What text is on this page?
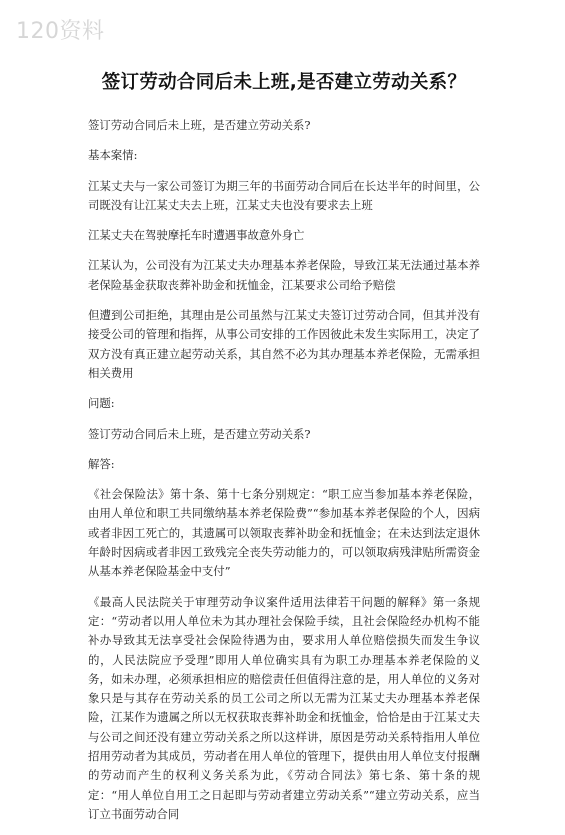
120资料
签订劳动合同后未上班,是否建立劳动关系？

签订劳动合同后未上班，是否建立劳动关系?

基本案情:

江某丈夫与一家公司签订为期三年的书面劳动合同后在长达半年的时间里，公司既没有让江某丈夫去上班，江某丈夫也没有要求去上班

江某丈夫在驾驶摩托车时遭遇事故意外身亡

江某认为，公司没有为江某丈夫办理基本养老保险，导致江某无法通过基本养老保险基金获取丧葬补助金和抚恤金，江某要求公司给予赔偿

但遭到公司拒绝，其理由是公司虽然与江某丈夫签订过劳动合同，但其并没有接受公司的管理和指挥，从事公司安排的工作因彼此未发生实际用工，决定了双方没有真正建立起劳动关系，其自然不必为其办理基本养老保险，无需承担相关费用

问题:

签订劳动合同后未上班，是否建立劳动关系?

解答:

《社会保险法》第十条、第十七条分别规定：“职工应当参加基本养老保险，由用人单位和职工共同缴纳基本养老保险费”“参加基本养老保险的个人，因病或者非因工死亡的，其遗属可以领取丧葬补助金和抚恤金；在未达到法定退休年龄时因病或者非因工致残完全丧失劳动能力的，可以领取病残津贴所需资金从基本养老保险基金中支付”

《最高人民法院关于审理劳动争议案件适用法律若干问题的解释》第一条规定：“劳动者以用人单位未为其办理社会保险手续，且社会保险经办机构不能补办导致其无法享受社会保险待遇为由，要求用人单位赔偿损失而发生争议的，人民法院应予受理”即用人单位确实具有为职工办理基本养老保险的义务，如未办理，必须承担相应的赔偿责任但值得注意的是，用人单位的义务对象只是与其存在劳动关系的员工公司之所以无需为江某丈夫办理基本养老保险，江某作为遗属之所以无权获取丧葬补助金和抚恤金，恰恰是由于江某丈夫与公司之间还没有建立劳动关系之所以这样讲，原因是劳动关系特指用人单位招用劳动者为其成员，劳动者在用人单位的管理下，提供由用人单位支付报酬的劳动而产生的权利义务关系为此，《劳动合同法》第七条、第十条的规定：“用人单位自用工之日起即与劳动者建立劳动关系”“建立劳动关系，应当订立书面劳动合同
